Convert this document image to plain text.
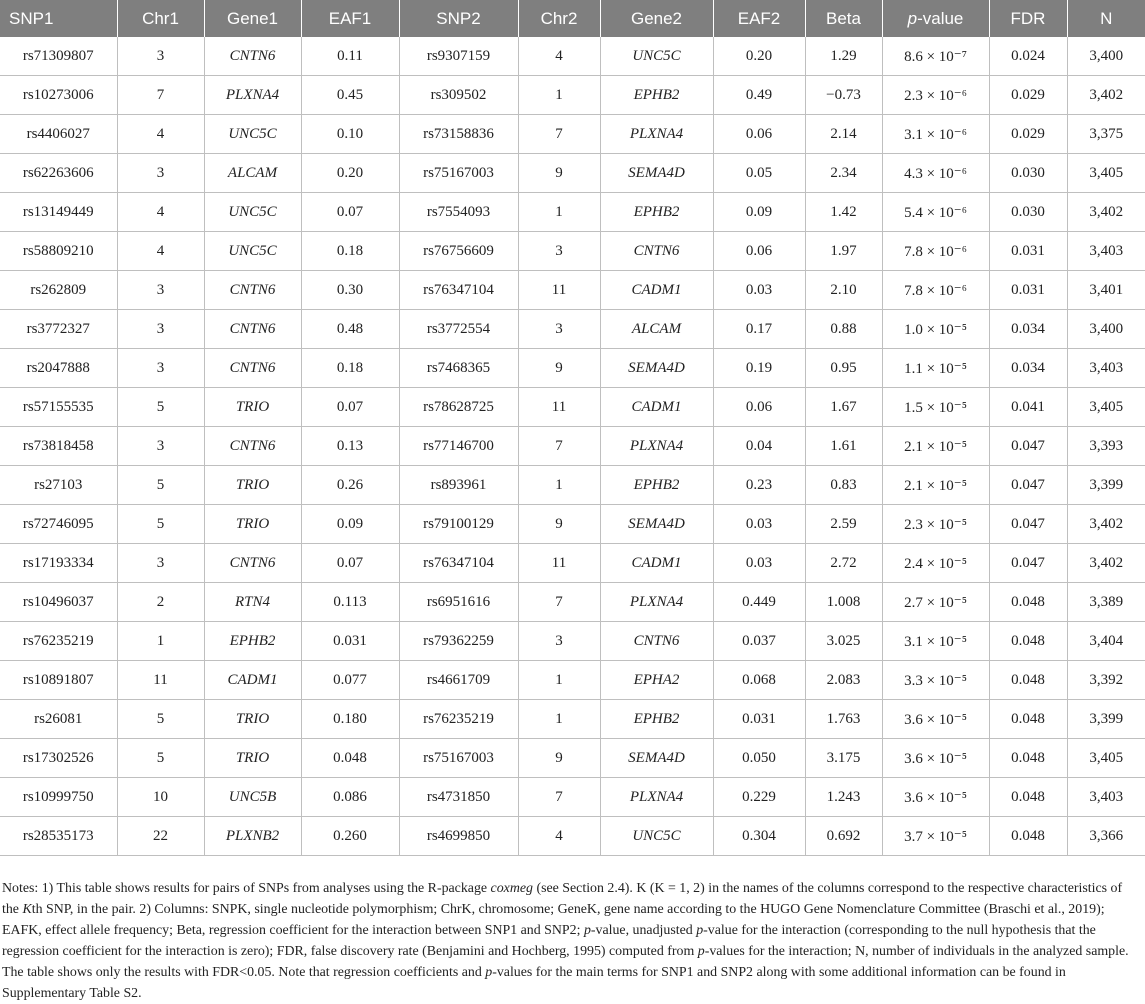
SNP1	Chr1	Gene1	EAF1	SNP2	Chr2	Gene2	EAF2	Beta	p-value	FDR	N
rs71309807	3	CNTN6	0.11	rs9307159	4	UNC5C	0.20	1.29	8.6 × 10⁻⁷	0.024	3,400
rs10273006	7	PLXNA4	0.45	rs309502	1	EPHB2	0.49	−0.73	2.3 × 10⁻⁶	0.029	3,402
rs4406027	4	UNC5C	0.10	rs73158836	7	PLXNA4	0.06	2.14	3.1 × 10⁻⁶	0.029	3,375
rs62263606	3	ALCAM	0.20	rs75167003	9	SEMA4D	0.05	2.34	4.3 × 10⁻⁶	0.030	3,405
rs13149449	4	UNC5C	0.07	rs7554093	1	EPHB2	0.09	1.42	5.4 × 10⁻⁶	0.030	3,402
rs58809210	4	UNC5C	0.18	rs76756609	3	CNTN6	0.06	1.97	7.8 × 10⁻⁶	0.031	3,403
rs262809	3	CNTN6	0.30	rs76347104	11	CADM1	0.03	2.10	7.8 × 10⁻⁶	0.031	3,401
rs3772327	3	CNTN6	0.48	rs3772554	3	ALCAM	0.17	0.88	1.0 × 10⁻⁵	0.034	3,400
rs2047888	3	CNTN6	0.18	rs7468365	9	SEMA4D	0.19	0.95	1.1 × 10⁻⁵	0.034	3,403
rs57155535	5	TRIO	0.07	rs78628725	11	CADM1	0.06	1.67	1.5 × 10⁻⁵	0.041	3,405
rs73818458	3	CNTN6	0.13	rs77146700	7	PLXNA4	0.04	1.61	2.1 × 10⁻⁵	0.047	3,393
rs27103	5	TRIO	0.26	rs893961	1	EPHB2	0.23	0.83	2.1 × 10⁻⁵	0.047	3,399
rs72746095	5	TRIO	0.09	rs79100129	9	SEMA4D	0.03	2.59	2.3 × 10⁻⁵	0.047	3,402
rs17193334	3	CNTN6	0.07	rs76347104	11	CADM1	0.03	2.72	2.4 × 10⁻⁵	0.047	3,402
rs10496037	2	RTN4	0.113	rs6951616	7	PLXNA4	0.449	1.008	2.7 × 10⁻⁵	0.048	3,389
rs76235219	1	EPHB2	0.031	rs79362259	3	CNTN6	0.037	3.025	3.1 × 10⁻⁵	0.048	3,404
rs10891807	11	CADM1	0.077	rs4661709	1	EPHA2	0.068	2.083	3.3 × 10⁻⁵	0.048	3,392
rs26081	5	TRIO	0.180	rs76235219	1	EPHB2	0.031	1.763	3.6 × 10⁻⁵	0.048	3,399
rs17302526	5	TRIO	0.048	rs75167003	9	SEMA4D	0.050	3.175	3.6 × 10⁻⁵	0.048	3,405
rs10999750	10	UNC5B	0.086	rs4731850	7	PLXNA4	0.229	1.243	3.6 × 10⁻⁵	0.048	3,403
rs28535173	22	PLXNB2	0.260	rs4699850	4	UNC5C	0.304	0.692	3.7 × 10⁻⁵	0.048	3,366

Notes: 1) This table shows results for pairs of SNPs from analyses using the R-package coxmeg (see Section 2.4). K (K = 1, 2) in the names of the columns correspond to the respective characteristics of the Kth SNP, in the pair. 2) Columns: SNPK, single nucleotide polymorphism; ChrK, chromosome; GeneK, gene name according to the HUGO Gene Nomenclature Committee (Braschi et al., 2019); EAFK, effect allele frequency; Beta, regression coefficient for the interaction between SNP1 and SNP2; p-value, unadjusted p-value for the interaction (corresponding to the null hypothesis that the regression coefficient for the interaction is zero); FDR, false discovery rate (Benjamini and Hochberg, 1995) computed from p-values for the interaction; N, number of individuals in the analyzed sample. The table shows only the results with FDR<0.05. Note that regression coefficients and p-values for the main terms for SNP1 and SNP2 along with some additional information can be found in Supplementary Table S2.
